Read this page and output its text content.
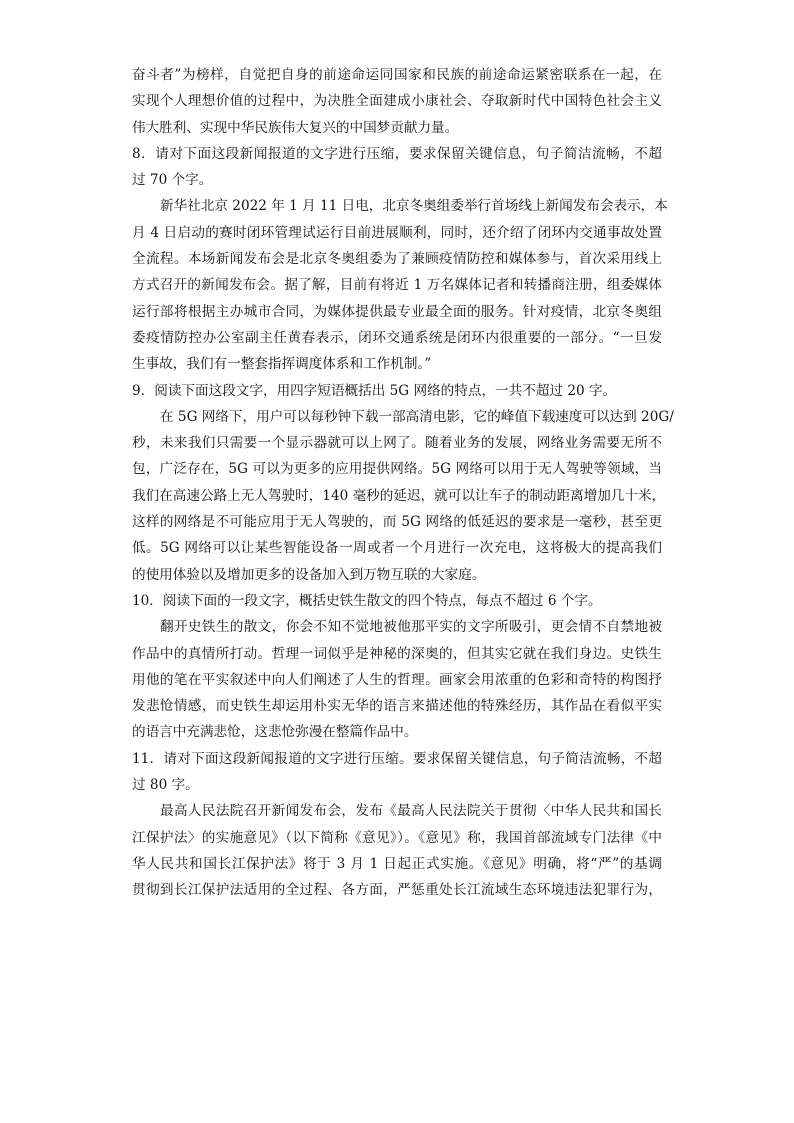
奋斗者”为榜样，自觉把自身的前途命运同国家和民族的前途命运紧密联系在一起，在
实现个人理想价值的过程中，为决胜全面建成小康社会、夺取新时代中国特色社会主义
伟大胜利、实现中华民族伟大复兴的中国梦贡献力量。
8．请对下面这段新闻报道的文字进行压缩，要求保留关键信息，句子简洁流畅，不超
过 70 个字。
新华社北京 2022 年 1 月 11 日电，北京冬奥组委举行首场线上新闻发布会表示，本
月 4 日启动的赛时闭环管理试运行目前进展顺利，同时，还介绍了闭环内交通事故处置
全流程。本场新闻发布会是北京冬奥组委为了兼顾疫情防控和媒体参与，首次采用线上
方式召开的新闻发布会。据了解，目前有将近 1 万名媒体记者和转播商注册，组委媒体
运行部将根据主办城市合同，为媒体提供最专业最全面的服务。针对疫情，北京冬奥组
委疫情防控办公室副主任黄春表示，闭环交通系统是闭环内很重要的一部分。“一旦发
生事故，我们有一整套指挥调度体系和工作机制。”
9．阅读下面这段文字，用四字短语概括出 5G 网络的特点，一共不超过 20 字。
在 5G 网络下，用户可以每秒钟下载一部高清电影，它的峰值下载速度可以达到 20G/
秒，未来我们只需要一个显示器就可以上网了。随着业务的发展，网络业务需要无所不
包，广泛存在，5G 可以为更多的应用提供网络。5G 网络可以用于无人驾驶等领域，当
我们在高速公路上无人驾驶时，140 毫秒的延迟，就可以让车子的制动距离增加几十米，
这样的网络是不可能应用于无人驾驶的，而 5G 网络的低延迟的要求是一毫秒，甚至更
低。5G 网络可以让某些智能设备一周或者一个月进行一次充电，这将极大的提高我们
的使用体验以及增加更多的设备加入到万物互联的大家庭。
10．阅读下面的一段文字，概括史铁生散文的四个特点，每点不超过 6 个字。
翻开史铁生的散文，你会不知不觉地被他那平实的文字所吸引，更会情不自禁地被
作品中的真情所打动。哲理一词似乎是神秘的深奥的，但其实它就在我们身边。史铁生
用他的笔在平实叙述中向人们阐述了人生的哲理。画家会用浓重的色彩和奇特的构图抒
发悲怆情感，而史铁生却运用朴实无华的语言来描述他的特殊经历，其作品在看似平实
的语言中充满悲怆，这悲怆弥漫在整篇作品中。
11．请对下面这段新闻报道的文字进行压缩。要求保留关键信息，句子简洁流畅，不超
过 80 字。
最高人民法院召开新闻发布会，发布《最高人民法院关于贯彻〈中华人民共和国长
江保护法〉的实施意见》（以下简称《意见》）。《意见》称，我国首部流域专门法律《中
华人民共和国长江保护法》将于 3 月 1 日起正式实施。《意见》明确，将“严”的基调
贯彻到长江保护法适用的全过程、各方面，严惩重处长江流域生态环境违法犯罪行为，
